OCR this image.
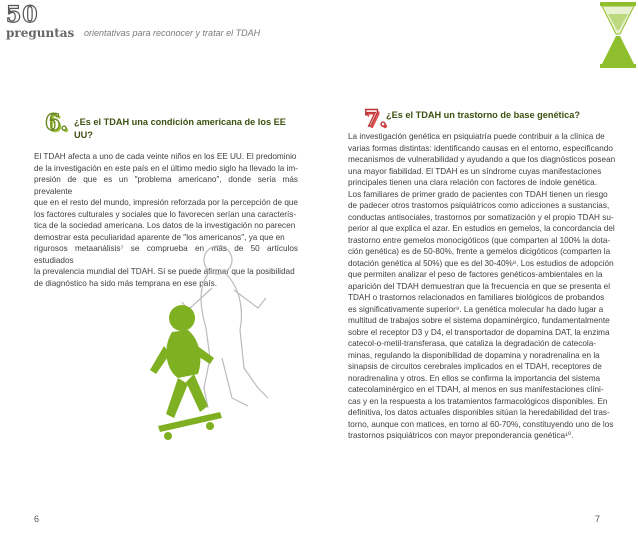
50
preguntas orientativas para reconocer y tratar el TDAH
6. ¿Es el TDAH una condición americana de los EE UU?
El TDAH afecta a uno de cada veinte niños en los EE UU. El predominio
de la investigación en este país en el último medio siglo ha llevado la im-
presión de que es un "problema americano", donde sería más prevalente
que en el resto del mundo, impresión reforzada por la percepción de que
los factores culturales y sociales que lo favorecen serían una caracterís-
tica de la sociedad americana. Los datos de la investigación no parecen
demostrar esta peculiaridad aparente de "los americanos", ya que en
rigurosos metaanálisis⁷ se comprueba en más de 50 artículos estudiados
la prevalencia mundial del TDAH. Sí se puede afirmar que la posibilidad
de diagnóstico ha sido más temprana en ese país.
7. ¿Es el TDAH un trastorno de base genética?
La investigación genética en psiquiatría puede contribuir a la clínica de
varias formas distintas: identificando causas en el entorno, especificando
mecanismos de vulnerabilidad y ayudando a que los diagnósticos posean
una mayor fiabilidad. El TDAH es un síndrome cuyas manifestaciones
principales tienen una clara relación con factores de índole genética.
Los familiares de primer grado de pacientes con TDAH tienen un riesgo
de padecer otros trastornos psiquiátricos como adicciones a sustancias,
conductas antisociales, trastornos por somatización y el propio TDAH su-
perior al que explica el azar. En estudios en gemelos, la concordancia del
trastorno entre gemelos monocigóticos (que comparten al 100% la dota-
ción genética) es de 50-80%, frente a gemelos dicigóticos (comparten la
dotación genética al 50%) que es del 30-40%⁸. Los estudios de adopción
que permiten analizar el peso de factores genéticos-ambientales en la
aparición del TDAH demuestran que la frecuencia en que se presenta el
TDAH o trastornos relacionados en familiares biológicos de probandos
es significativamente superior⁹. La genética molecular ha dado lugar a
multitud de trabajos sobre el sistema dopaminérgico, fundamentalmente
sobre el receptor D3 y D4, el transportador de dopamina DAT, la enzima
catecol-o-metil-transferasa, que cataliza la degradación de catecola-
minas, regulando la disponibilidad de dopamina y noradrenalina en la
sinapsis de circuitos cerebrales implicados en el TDAH, receptores de
noradrenalina y otros. En ellos se confirma la importancia del sistema
catecolaminérgico en el TDAH, al menos en sus manifestaciones clíni-
cas y en la respuesta a los tratamientos farmacológicos disponibles. En
definitiva, los datos actuales disponibles sitúan la heredabilidad del tras-
torno, aunque con matices, en torno al 60-70%, constituyendo uno de los
trastornos psiquiátricos con mayor preponderancia genética¹⁰.
6	7
